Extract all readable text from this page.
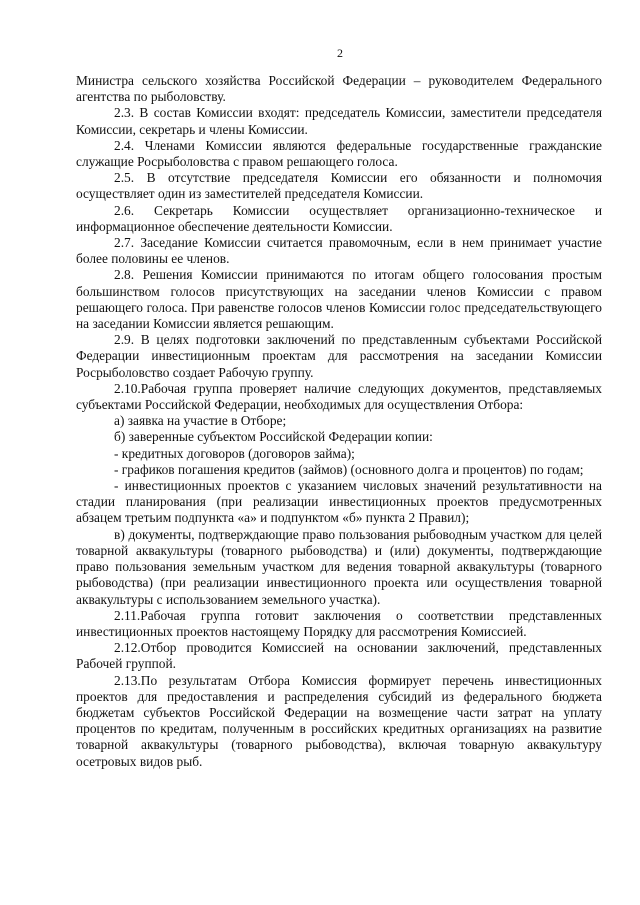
2

Министра сельского хозяйства Российской Федерации – руководителем Федерального агентства по рыболовству.

2.3. В состав Комиссии входят: председатель Комиссии, заместители председателя Комиссии, секретарь и члены Комиссии.

2.4. Членами Комиссии являются федеральные государственные гражданские служащие Росрыболовства с правом решающего голоса.

2.5. В отсутствие председателя Комиссии его обязанности и полномочия осуществляет один из заместителей председателя Комиссии.

2.6. Секретарь Комиссии осуществляет организационно-техническое и информационное обеспечение деятельности Комиссии.

2.7. Заседание Комиссии считается правомочным, если в нем принимает участие более половины ее членов.

2.8. Решения Комиссии принимаются по итогам общего голосования простым большинством голосов присутствующих на заседании членов Комиссии с правом решающего голоса. При равенстве голосов членов Комиссии голос председательствующего на заседании Комиссии является решающим.

2.9. В целях подготовки заключений по представленным субъектами Российской Федерации инвестиционным проектам для рассмотрения на заседании Комиссии Росрыболовство создает Рабочую группу.

2.10.Рабочая группа проверяет наличие следующих документов, представляемых субъектами Российской Федерации, необходимых для осуществления Отбора:

а) заявка на участие в Отборе;

б) заверенные субъектом Российской Федерации копии:

- кредитных договоров (договоров займа);

- графиков погашения кредитов (займов) (основного долга и процентов) по годам;

- инвестиционных проектов с указанием числовых значений результативности на стадии планирования (при реализации инвестиционных проектов предусмотренных абзацем третьим подпункта «а» и подпунктом «б» пункта 2 Правил);

в) документы, подтверждающие право пользования рыбоводным участком для целей товарной аквакультуры (товарного рыбоводства) и (или) документы, подтверждающие право пользования земельным участком для ведения товарной аквакультуры (товарного рыбоводства) (при реализации инвестиционного проекта или осуществления товарной аквакультуры с использованием земельного участка).

2.11.Рабочая группа готовит заключения о соответствии представленных инвестиционных проектов настоящему Порядку для рассмотрения Комиссией.

2.12.Отбор проводится Комиссией на основании заключений, представленных Рабочей группой.

2.13.По результатам Отбора Комиссия формирует перечень инвестиционных проектов для предоставления и распределения субсидий из федерального бюджета бюджетам субъектов Российской Федерации на возмещение части затрат на уплату процентов по кредитам, полученным в российских кредитных организациях на развитие товарной аквакультуры (товарного рыбоводства), включая товарную аквакультуру осетровых видов рыб.
